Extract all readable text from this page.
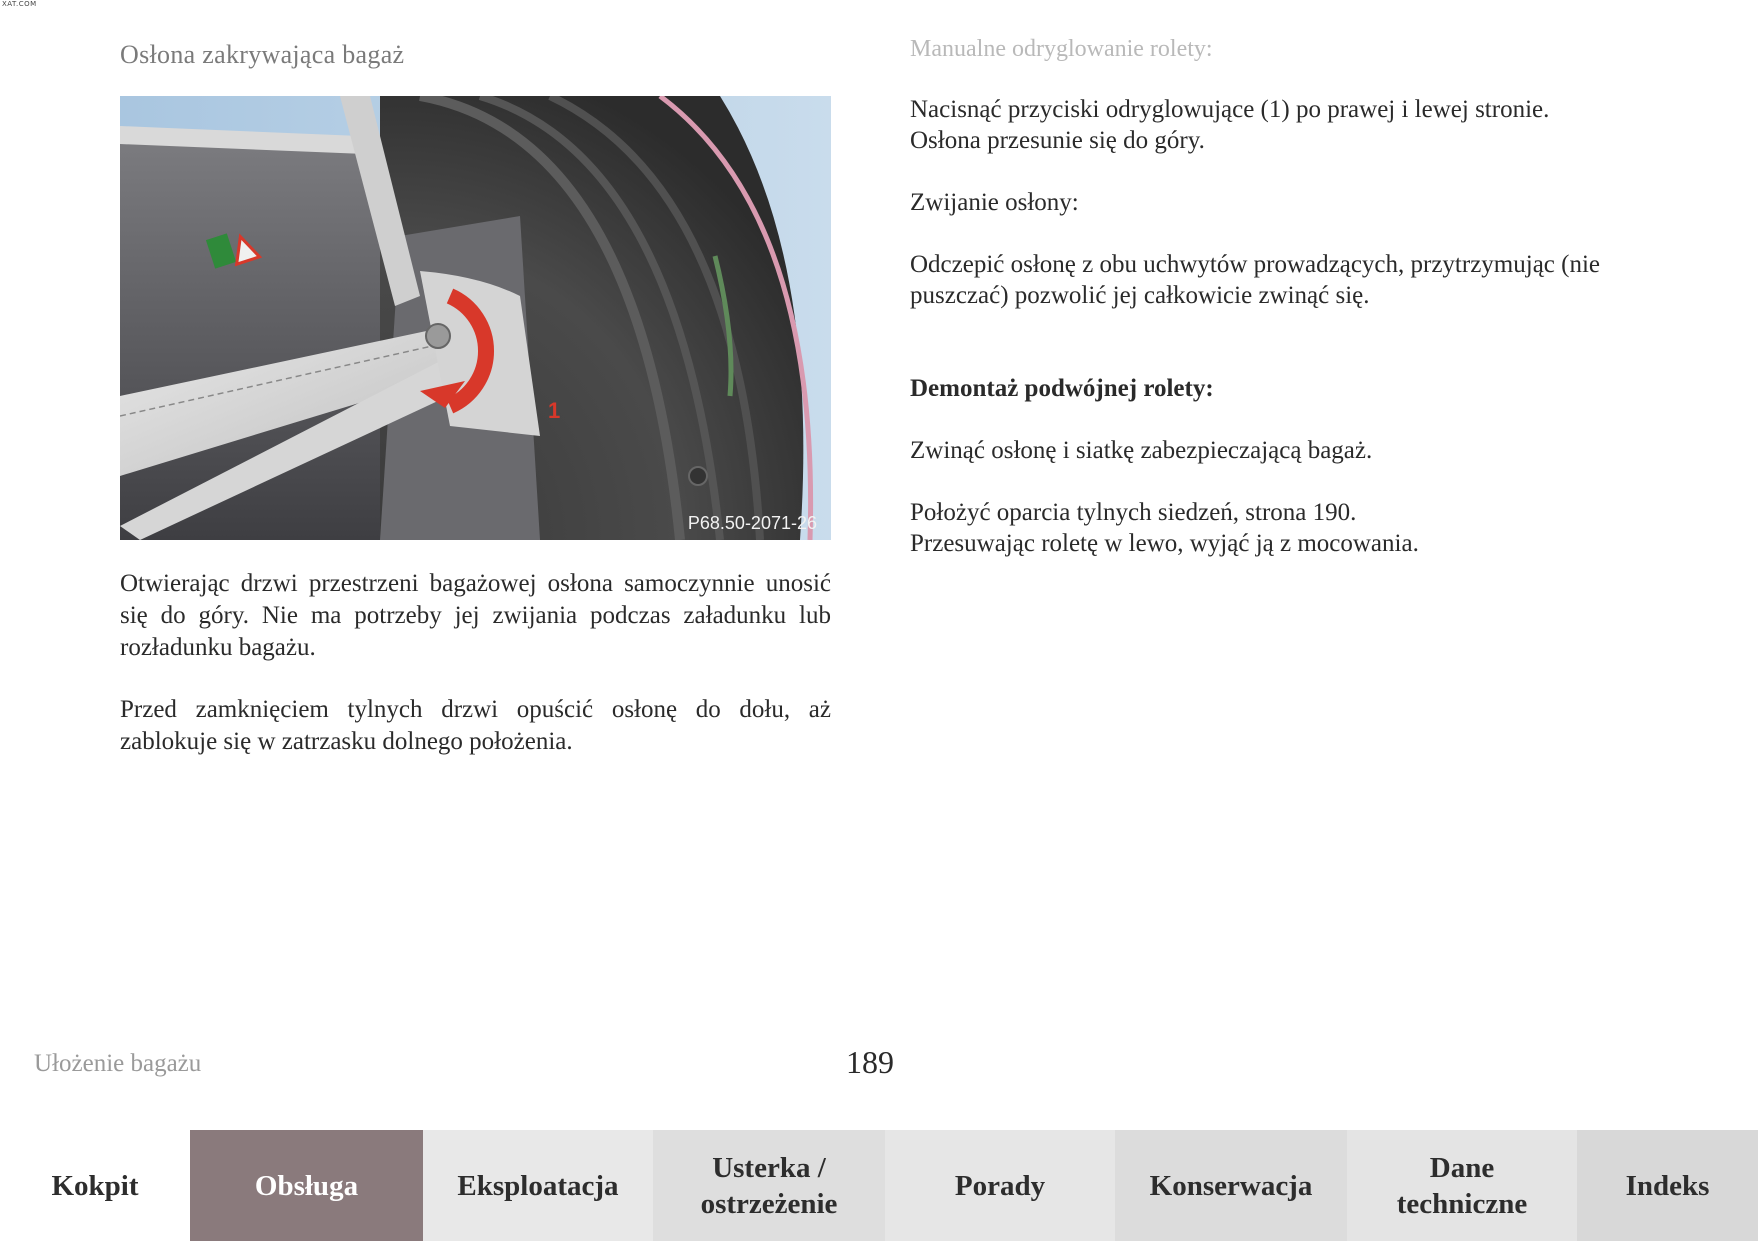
XAT.COM
Osłona zakrywająca bagaż	Manualne odryglowanie rolety:
1
P68.50-2071-26

Otwierając drzwi przestrzeni bagażowej osłona samoczynnie unosić się do góry. Nie ma potrzeby jej zwijania podczas załadunku lub rozładunku bagażu.

Przed zamknięciem tylnych drzwi opuścić osłonę do dołu, aż zablokuje się w zatrzasku dolnego położenia.

Nacisnąć przyciski odryglowujące (1) po prawej i lewej stronie.
Osłona przesunie się do góry.

Zwijanie osłony:

Odczepić osłonę z obu uchwytów prowadzących, przytrzymując (nie puszczać) pozwolić jej całkowicie zwinąć się.

Demontaż podwójnej rolety:

Zwinąć osłonę i siatkę zabezpieczającą bagaż.

Położyć oparcia tylnych siedzeń, strona 190.
Przesuwając roletę w lewo, wyjąć ją z mocowania.

Ułożenie bagażu	189
Kokpit	Obsługa	Eksploatacja
Usterka / ostrzeżenie
Porady	Konserwacja
Dane techniczne
Indeks
